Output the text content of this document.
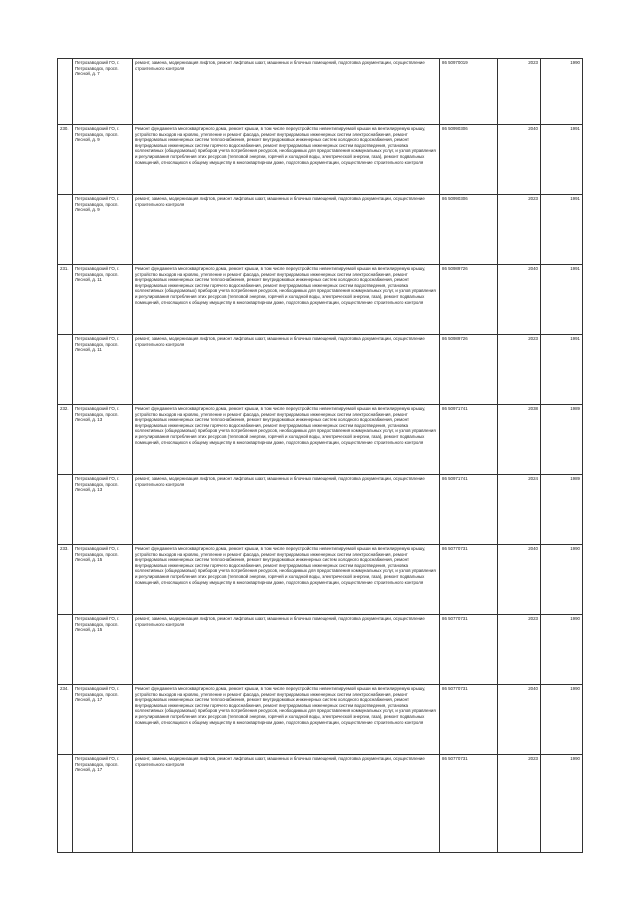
	Петрозаводский ГО, г. Петрозаводск, просп. Лесной, д. 7	ремонт, замена, модернизация лифтов, ремонт лифтовых шахт, машинных и блочных помещений, подготовка документации, осуществление строительного контроля	86 50970019	2023	1990
230.	Петрозаводский ГО, г. Петрозаводск, просп. Лесной, д. 9	Ремонт фундамента многоквартирного дома, ремонт крыши, в том числе переустройство невентилируемой крыши на вентилируемую крышу, устройство выходов на кровлю, утепление и ремонт фасада, ремонт внутридомовых инженерных систем электроснабжения, ремонт внутридомовых инженерных систем теплоснабжения, ремонт внутридомовых инженерных систем холодного водоснабжения, ремонт внутридомовых инженерных систем горячего водоснабжения, ремонт внутридомовых инженерных систем водоотведения, установка коллективных (общедомовых) приборов учета потребления ресурсов, необходимых для предоставления коммунальных услуг, и узлов управления и регулирования потребления этих ресурсов (тепловой энергии, горячей и холодной воды, электрической энергии, газа), ремонт подвальных помещений, относящихся к общему имуществу в многоквартирном доме, подготовка документации, осуществление строительного контроля	86 50990306	2040	1991
	Петрозаводский ГО, г. Петрозаводск, просп. Лесной, д. 9	ремонт, замена, модернизация лифтов, ремонт лифтовых шахт, машинных и блочных помещений, подготовка документации, осуществление строительного контроля	86 50990306	2023	1991
231.	Петрозаводский ГО, г. Петрозаводск, просп. Лесной, д. 11	Ремонт фундамента многоквартирного дома, ремонт крыши, в том числе переустройство невентилируемой крыши на вентилируемую крышу, устройство выходов на кровлю, утепление и ремонт фасада, ремонт внутридомовых инженерных систем электроснабжения, ремонт внутридомовых инженерных систем теплоснабжения, ремонт внутридомовых инженерных систем холодного водоснабжения, ремонт внутридомовых инженерных систем горячего водоснабжения, ремонт внутридомовых инженерных систем водоотведения, установка коллективных (общедомовых) приборов учета потребления ресурсов, необходимых для предоставления коммунальных услуг, и узлов управления и регулирования потребления этих ресурсов (тепловой энергии, горячей и холодной воды, электрической энергии, газа), ремонт подвальных помещений, относящихся к общему имуществу в многоквартирном доме, подготовка документации, осуществление строительного контроля	86 50989726	2040	1991
	Петрозаводский ГО, г. Петрозаводск, просп. Лесной, д. 11	ремонт, замена, модернизация лифтов, ремонт лифтовых шахт, машинных и блочных помещений, подготовка документации, осуществление строительного контроля	86 50989726	2023	1991
232.	Петрозаводский ГО, г. Петрозаводск, просп. Лесной, д. 13	Ремонт фундамента многоквартирного дома, ремонт крыши, в том числе переустройство невентилируемой крыши на вентилируемую крышу, устройство выходов на кровлю, утепление и ремонт фасада, ремонт внутридомовых инженерных систем электроснабжения, ремонт внутридомовых инженерных систем теплоснабжения, ремонт внутридомовых инженерных систем холодного водоснабжения, ремонт внутридомовых инженерных систем горячего водоснабжения, ремонт внутридомовых инженерных систем водоотведения, установка коллективных (общедомовых) приборов учета потребления ресурсов, необходимых для предоставления коммунальных услуг, и узлов управления и регулирования потребления этих ресурсов (тепловой энергии, горячей и холодной воды, электрической энергии, газа), ремонт подвальных помещений, относящихся к общему имуществу в многоквартирном доме, подготовка документации, осуществление строительного контроля	86 50971741	2038	1989
	Петрозаводский ГО, г. Петрозаводск, просп. Лесной, д. 13	ремонт, замена, модернизация лифтов, ремонт лифтовых шахт, машинных и блочных помещений, подготовка документации, осуществление строительного контроля	86 50971741	2024	1989
233.	Петрозаводский ГО, г. Петрозаводск, просп. Лесной, д. 15	Ремонт фундамента многоквартирного дома, ремонт крыши, в том числе переустройство невентилируемой крыши на вентилируемую крышу, устройство выходов на кровлю, утепление и ремонт фасада, ремонт внутридомовых инженерных систем электроснабжения, ремонт внутридомовых инженерных систем теплоснабжения, ремонт внутридомовых инженерных систем холодного водоснабжения, ремонт внутридомовых инженерных систем горячего водоснабжения, ремонт внутридомовых инженерных систем водоотведения, установка коллективных (общедомовых) приборов учета потребления ресурсов, необходимых для предоставления коммунальных услуг, и узлов управления и регулирования потребления этих ресурсов (тепловой энергии, горячей и холодной воды, электрической энергии, газа), ремонт подвальных помещений, относящихся к общему имуществу в многоквартирном доме, подготовка документации, осуществление строительного контроля	86 50770731	2040	1990
	Петрозаводский ГО, г. Петрозаводск, просп. Лесной, д. 15	ремонт, замена, модернизация лифтов, ремонт лифтовых шахт, машинных и блочных помещений, подготовка документации, осуществление строительного контроля	86 50770731	2023	1990
234.	Петрозаводский ГО, г. Петрозаводск, просп. Лесной, д. 17	Ремонт фундамента многоквартирного дома, ремонт крыши, в том числе переустройство невентилируемой крыши на вентилируемую крышу, устройство выходов на кровлю, утепление и ремонт фасада, ремонт внутридомовых инженерных систем электроснабжения, ремонт внутридомовых инженерных систем теплоснабжения, ремонт внутридомовых инженерных систем холодного водоснабжения, ремонт внутридомовых инженерных систем горячего водоснабжения, ремонт внутридомовых инженерных систем водоотведения, установка коллективных (общедомовых) приборов учета потребления ресурсов, необходимых для предоставления коммунальных услуг, и узлов управления и регулирования потребления этих ресурсов (тепловой энергии, горячей и холодной воды, электрической энергии, газа), ремонт подвальных помещений, относящихся к общему имуществу в многоквартирном доме, подготовка документации, осуществление строительного контроля	86 50770731	2040	1990
	Петрозаводский ГО, г. Петрозаводск, просп. Лесной, д. 17	ремонт, замена, модернизация лифтов, ремонт лифтовых шахт, машинных и блочных помещений, подготовка документации, осуществление строительного контроля	86 50770731	2023	1990
